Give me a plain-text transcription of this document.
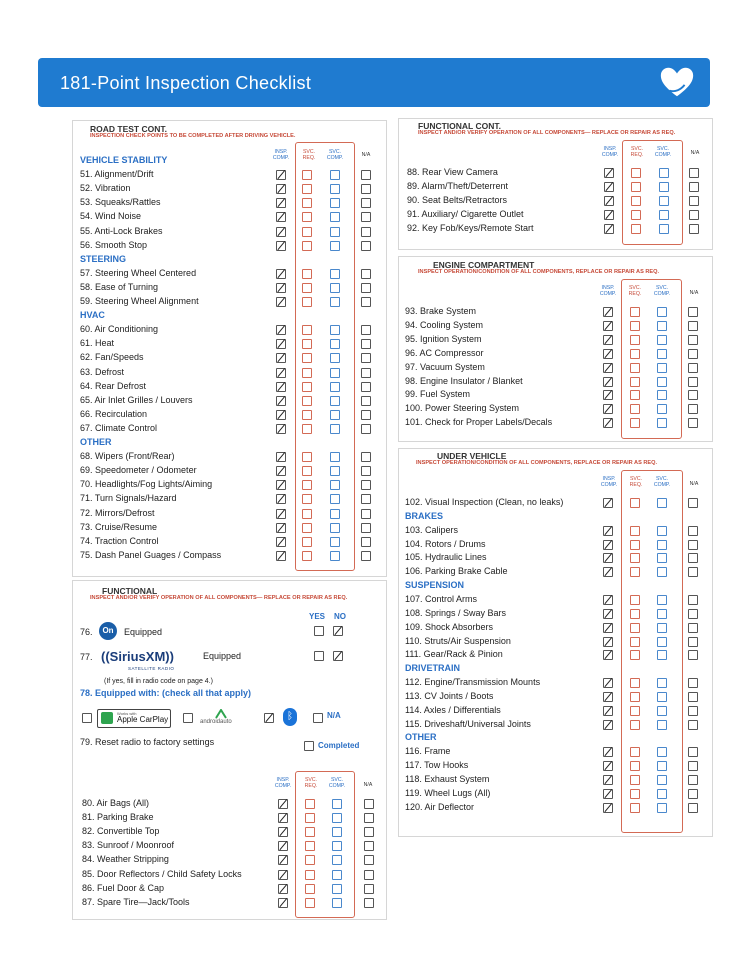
181-Point Inspection Checklist
ROAD TEST CONT.
INSPECTION CHECK POINTS TO BE COMPLETED AFTER DRIVING VEHICLE.
INSP. COMP.
SVC. REQ.
SVC. COMP.	N/A
VEHICLE STABILITY
51. Alignment/Drift
52. Vibration
53. Squeaks/Rattles
54. Wind Noise
55. Anti-Lock Brakes
56. Smooth Stop
STEERING
57. Steering Wheel Centered
58. Ease of Turning
59. Steering Wheel Alignment
HVAC
60. Air Conditioning
61. Heat
62. Fan/Speeds
63. Defrost
64. Rear Defrost
65. Air Inlet Grilles / Louvers
66. Recirculation
67. Climate Control
OTHER
68. Wipers (Front/Rear)
69. Speedometer / Odometer
70. Headlights/Fog Lights/Aiming
71. Turn Signals/Hazard
72. Mirrors/Defrost
73. Cruise/Resume
74. Traction Control
75. Dash Panel Guages / Compass
FUNCTIONAL
INSPECT AND/OR VERIFY OPERATION OF ALL COMPONENTS— REPLACE OR REPAIR AS REQ.
YES NO
76.	On	Equipped
77. ((SiriusXM))
SATELLITE RADIO
Equipped
(If yes, fill in radio code on page 4.)
78. Equipped with: (check all that apply)
Works with
Apple CarPlay	androidauto	ᛒ	N/A
79. Reset radio to factory settings	Completed
INSP. COMP.
SVC. REQ.
SVC. COMP.	N/A
80. Air Bags (All)
81. Parking Brake
82. Convertible Top
83. Sunroof / Moonroof
84. Weather Stripping
85. Door Reflectors / Child Safety Locks
86. Fuel Door & Cap
87. Spare Tire—Jack/Tools
FUNCTIONAL CONT.
INSPECT AND/OR VERIFY OPERATION OF ALL COMPONENTS— REPLACE OR REPAIR AS REQ.
INSP. COMP.
SVC. REQ.
SVC. COMP.	N/A
88. Rear View Camera
89. Alarm/Theft/Deterrent
90. Seat Belts/Retractors
91. Auxiliary/ Cigarette Outlet
92. Key Fob/Keys/Remote Start
ENGINE COMPARTMENT
INSPECT OPERATION/CONDITION OF ALL COMPONENTS, REPLACE OR REPAIR AS REQ.
INSP. COMP.
SVC. REQ.
SVC. COMP.	N/A
93. Brake System
94. Cooling System
95. Ignition System
96. AC Compressor
97. Vacuum System
98. Engine Insulator / Blanket
99. Fuel System
100. Power Steering System
101. Check for Proper Labels/Decals
UNDER VEHICLE
INSPECT OPERATION/CONDITION OF ALL COMPONENTS, REPLACE OR REPAIR AS REQ.
INSP. COMP.
SVC. REQ.
SVC. COMP.	N/A
102. Visual Inspection (Clean, no leaks)
BRAKES
103. Calipers
104. Rotors / Drums
105. Hydraulic Lines
106. Parking Brake Cable
SUSPENSION
107. Control Arms
108. Springs / Sway Bars
109. Shock Absorbers
110. Struts/Air Suspension
111. Gear/Rack & Pinion
DRIVETRAIN
112. Engine/Transmission Mounts
113. CV Joints / Boots
114. Axles / Differentials
115. Driveshaft/Universal Joints
OTHER
116. Frame
117. Tow Hooks
118. Exhaust System
119. Wheel Lugs (All)
120. Air Deflector
